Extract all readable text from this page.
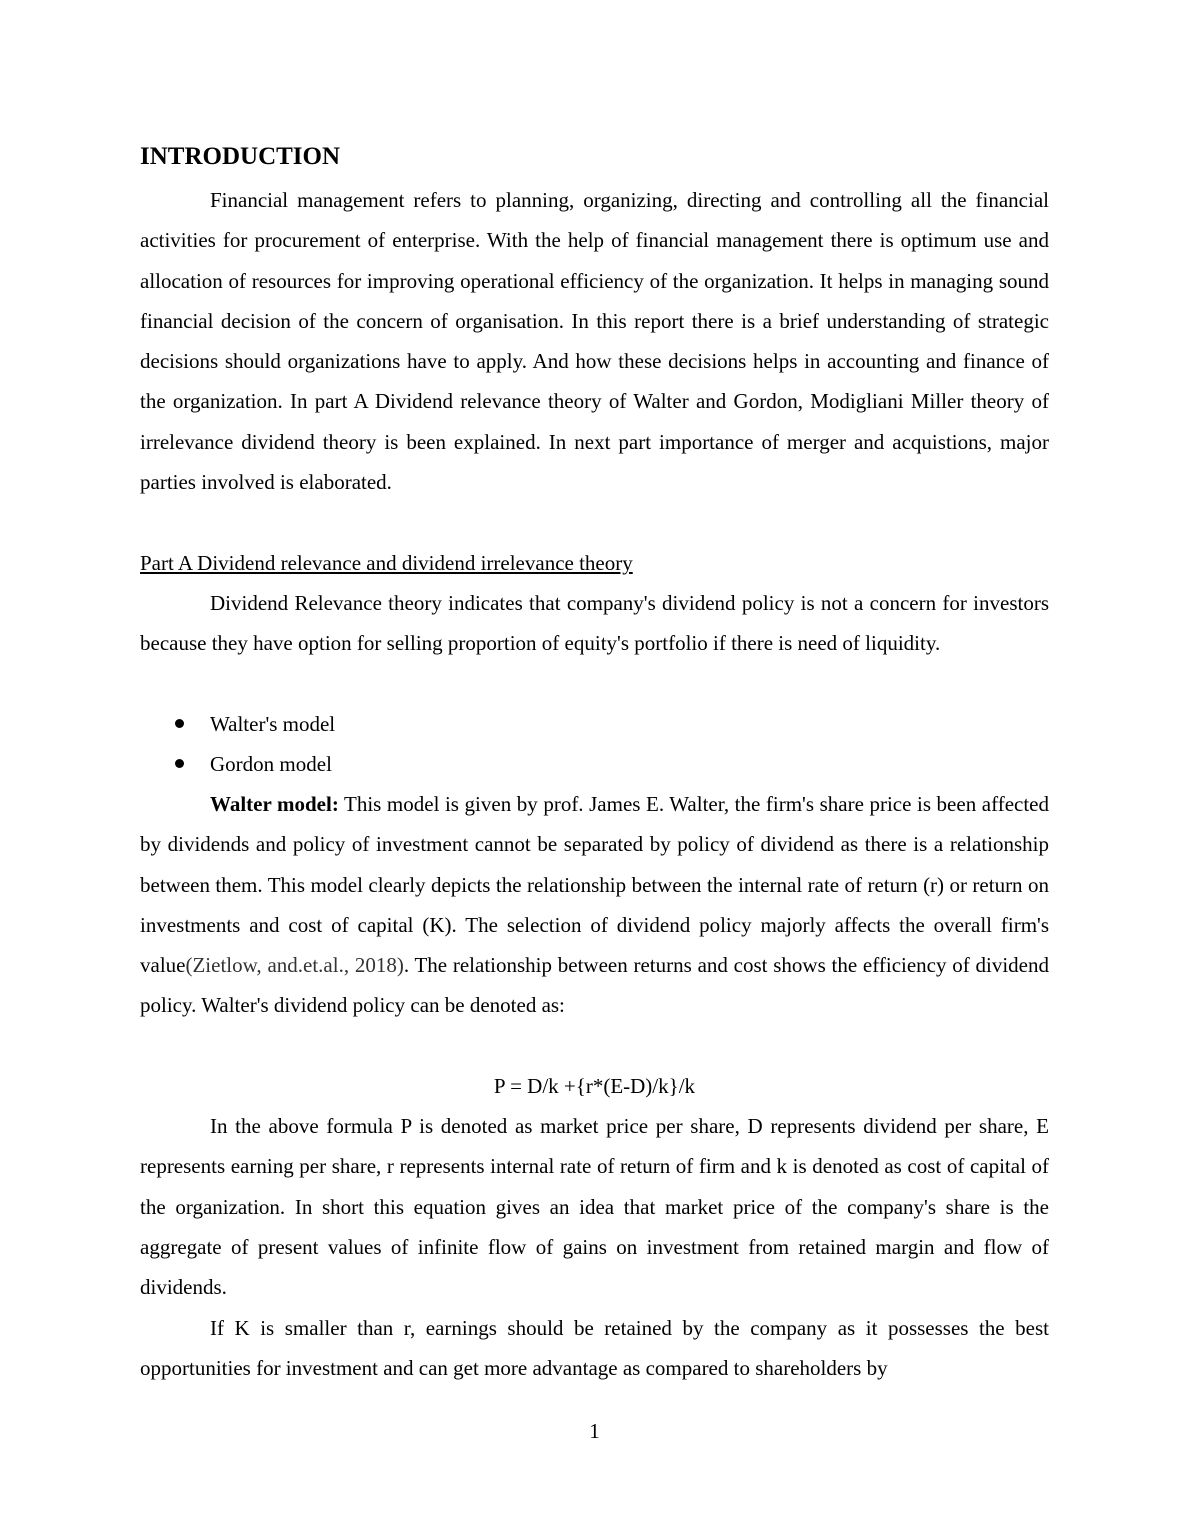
INTRODUCTION

Financial management refers to planning, organizing, directing and controlling all the financial activities for procurement of enterprise. With the help of financial management there is optimum use and allocation of resources for improving operational efficiency of the organization. It helps in managing sound financial decision of the concern of organisation. In this report there is a brief understanding of strategic decisions should organizations have to apply. And how these decisions helps in accounting and finance of the organization. In part A Dividend relevance theory of Walter and Gordon, Modigliani Miller theory of irrelevance dividend theory is been explained. In next part importance of merger and acquistions, major parties involved is elaborated.

Part A Dividend relevance and dividend irrelevance theory

Dividend Relevance theory indicates that company's dividend policy is not a concern for investors because they have option for selling proportion of equity's portfolio if there is need of liquidity.

Walter's model
Gordon model

Walter model: This model is given by prof. James E. Walter, the firm's share price is been affected by dividends and policy of investment cannot be separated by policy of dividend as there is a relationship between them. This model clearly depicts the relationship between the internal rate of return (r) or return on investments and cost of capital (K). The selection of dividend policy majorly affects the overall firm's value(Zietlow, and.et.al., 2018). The relationship between returns and cost shows the efficiency of dividend policy. Walter's dividend policy can be denoted as:

P = D/k +{r*(E-D)/k}/k

In the above formula P is denoted as market price per share, D represents dividend per share, E represents earning per share, r represents internal rate of return of firm and k is denoted as cost of capital of the organization. In short this equation gives an idea that market price of the company's share is the aggregate of present values of infinite flow of gains on investment from retained margin and flow of dividends.

If K is smaller than r, earnings should be retained by the company as it possesses the best opportunities for investment and can get more advantage as compared to shareholders by

1
